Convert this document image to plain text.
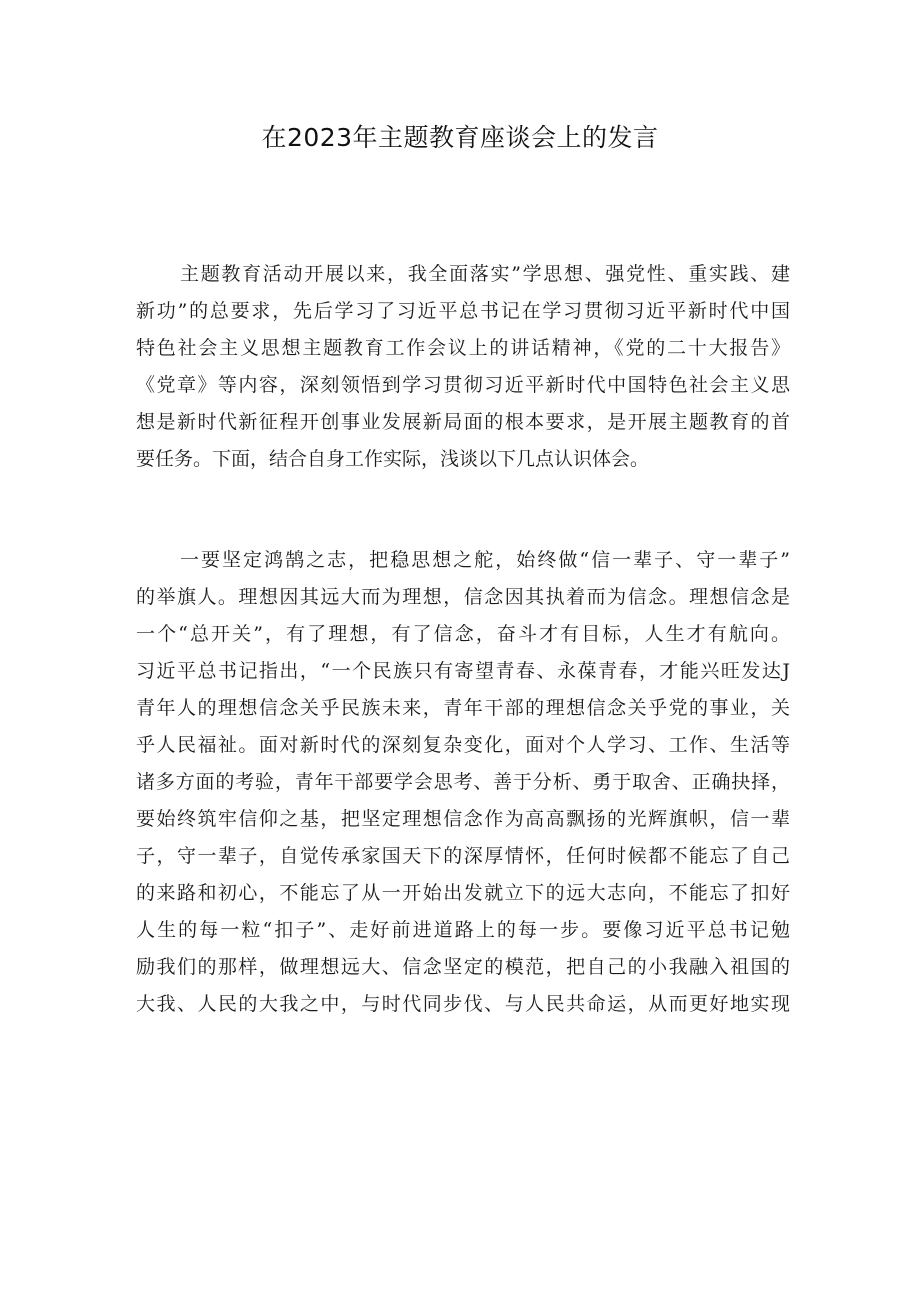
在2023年主题教育座谈会上的发言
主题教育活动开展以来，我全面落实”学思想、强党性、重实践、建
新功”的总要求，先后学习了习近平总书记在学习贯彻习近平新时代中国
特色社会主义思想主题教育工作会议上的讲话精神，《党的二十大报告》
《党章》等内容，深刻领悟到学习贯彻习近平新时代中国特色社会主义思
想是新时代新征程开创事业发展新局面的根本要求，是开展主题教育的首
要任务。下面，结合自身工作实际，浅谈以下几点认识体会。
一要坚定鸿鹄之志，把稳思想之舵，始终做“信一辈子、守一辈子”
的举旗人。理想因其远大而为理想，信念因其执着而为信念。理想信念是
一个“总开关”，有了理想，有了信念，奋斗才有目标，人生才有航向。
习近平总书记指出，“一个民族只有寄望青春、永葆青春，才能兴旺发达J
青年人的理想信念关乎民族未来，青年干部的理想信念关乎党的事业，关
乎人民福祉。面对新时代的深刻复杂变化，面对个人学习、工作、生活等
诸多方面的考验，青年干部要学会思考、善于分析、勇于取舍、正确抉择，
要始终筑牢信仰之基，把坚定理想信念作为高高飘扬的光辉旗帜，信一辈
子，守一辈子，自觉传承家国天下的深厚情怀，任何时候都不能忘了自己
的来路和初心，不能忘了从一开始出发就立下的远大志向，不能忘了扣好
人生的每一粒“扣子”、走好前进道路上的每一步。要像习近平总书记勉
励我们的那样，做理想远大、信念坚定的模范，把自己的小我融入祖国的
大我、人民的大我之中，与时代同步伐、与人民共命运，从而更好地实现
